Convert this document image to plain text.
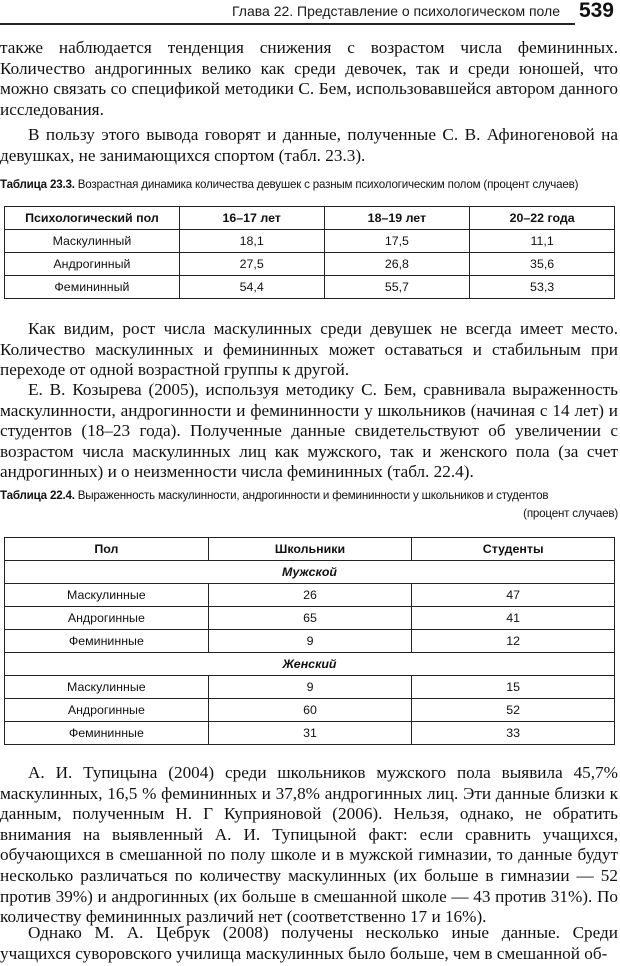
Глава 22. Представление о психологическом поле 539

также наблюдается тенденция снижения с возрастом числа фемининных. Количество андрогинных велико как среди девочек, так и среди юношей, что можно связать со спецификой методики С. Бем, использовавшейся автором данного исследования.

В пользу этого вывода говорят и данные, полученные С. В. Афиногеновой на девушках, не занимающихся спортом (табл. 23.3).

Таблица 23.3. Возрастная динамика количества девушек с разным психологическим полом (процент случаев)
Психологический пол	16–17 лет	18–19 лет	20–22 года
Маскулинный	18,1	17,5	11,1
Андрогинный	27,5	26,8	35,6
Фемининный	54,4	55,7	53,3

Как видим, рост числа маскулинных среди девушек не всегда имеет место. Количество маскулинных и фемининных может оставаться и стабильным при переходе от одной возрастной группы к другой.

Е. В. Козырева (2005), используя методику С. Бем, сравнивала выраженность маскулинности, андрогинности и фемининности у школьников (начиная с 14 лет) и студентов (18–23 года). Полученные данные свидетельствуют об увеличении с возрастом числа маскулинных лиц как мужского, так и женского пола (за счет андрогинных) и о неизменности числа фемининных (табл. 22.4).

Таблица 22.4. Выраженность маскулинности, андрогинности и фемининности у школьников и студентов
(процент случаев)
Пол	Школьники	Студенты
Мужской		
Маскулинные	26	47
Андрогинные	65	41
Фемининные	9	12
Женский		
Маскулинные	9	15
Андрогинные	60	52
Фемининные	31	33

А. И. Тупицына (2004) среди школьников мужского пола выявила 45,7% маскулинных, 16,5 % фемининных и 37,8% андрогинных лиц. Эти данные близки к данным, полученным Н. Г Куприяновой (2006). Нельзя, однако, не обратить внимания на выявленный А. И. Тупицыной факт: если сравнить учащихся, обучающихся в смешанной по полу школе и в мужской гимназии, то данные будут несколько различаться по количеству маскулинных (их больше в гимназии — 52 против 39%) и андрогинных (их больше в смешанной школе — 43 против 31%). По количеству фемининных различий нет (соответственно 17 и 16%).

Однако М. А. Цебрук (2008) получены несколько иные данные. Среди учащихся суворовского училища маскулинных было больше, чем в смешанной об-
